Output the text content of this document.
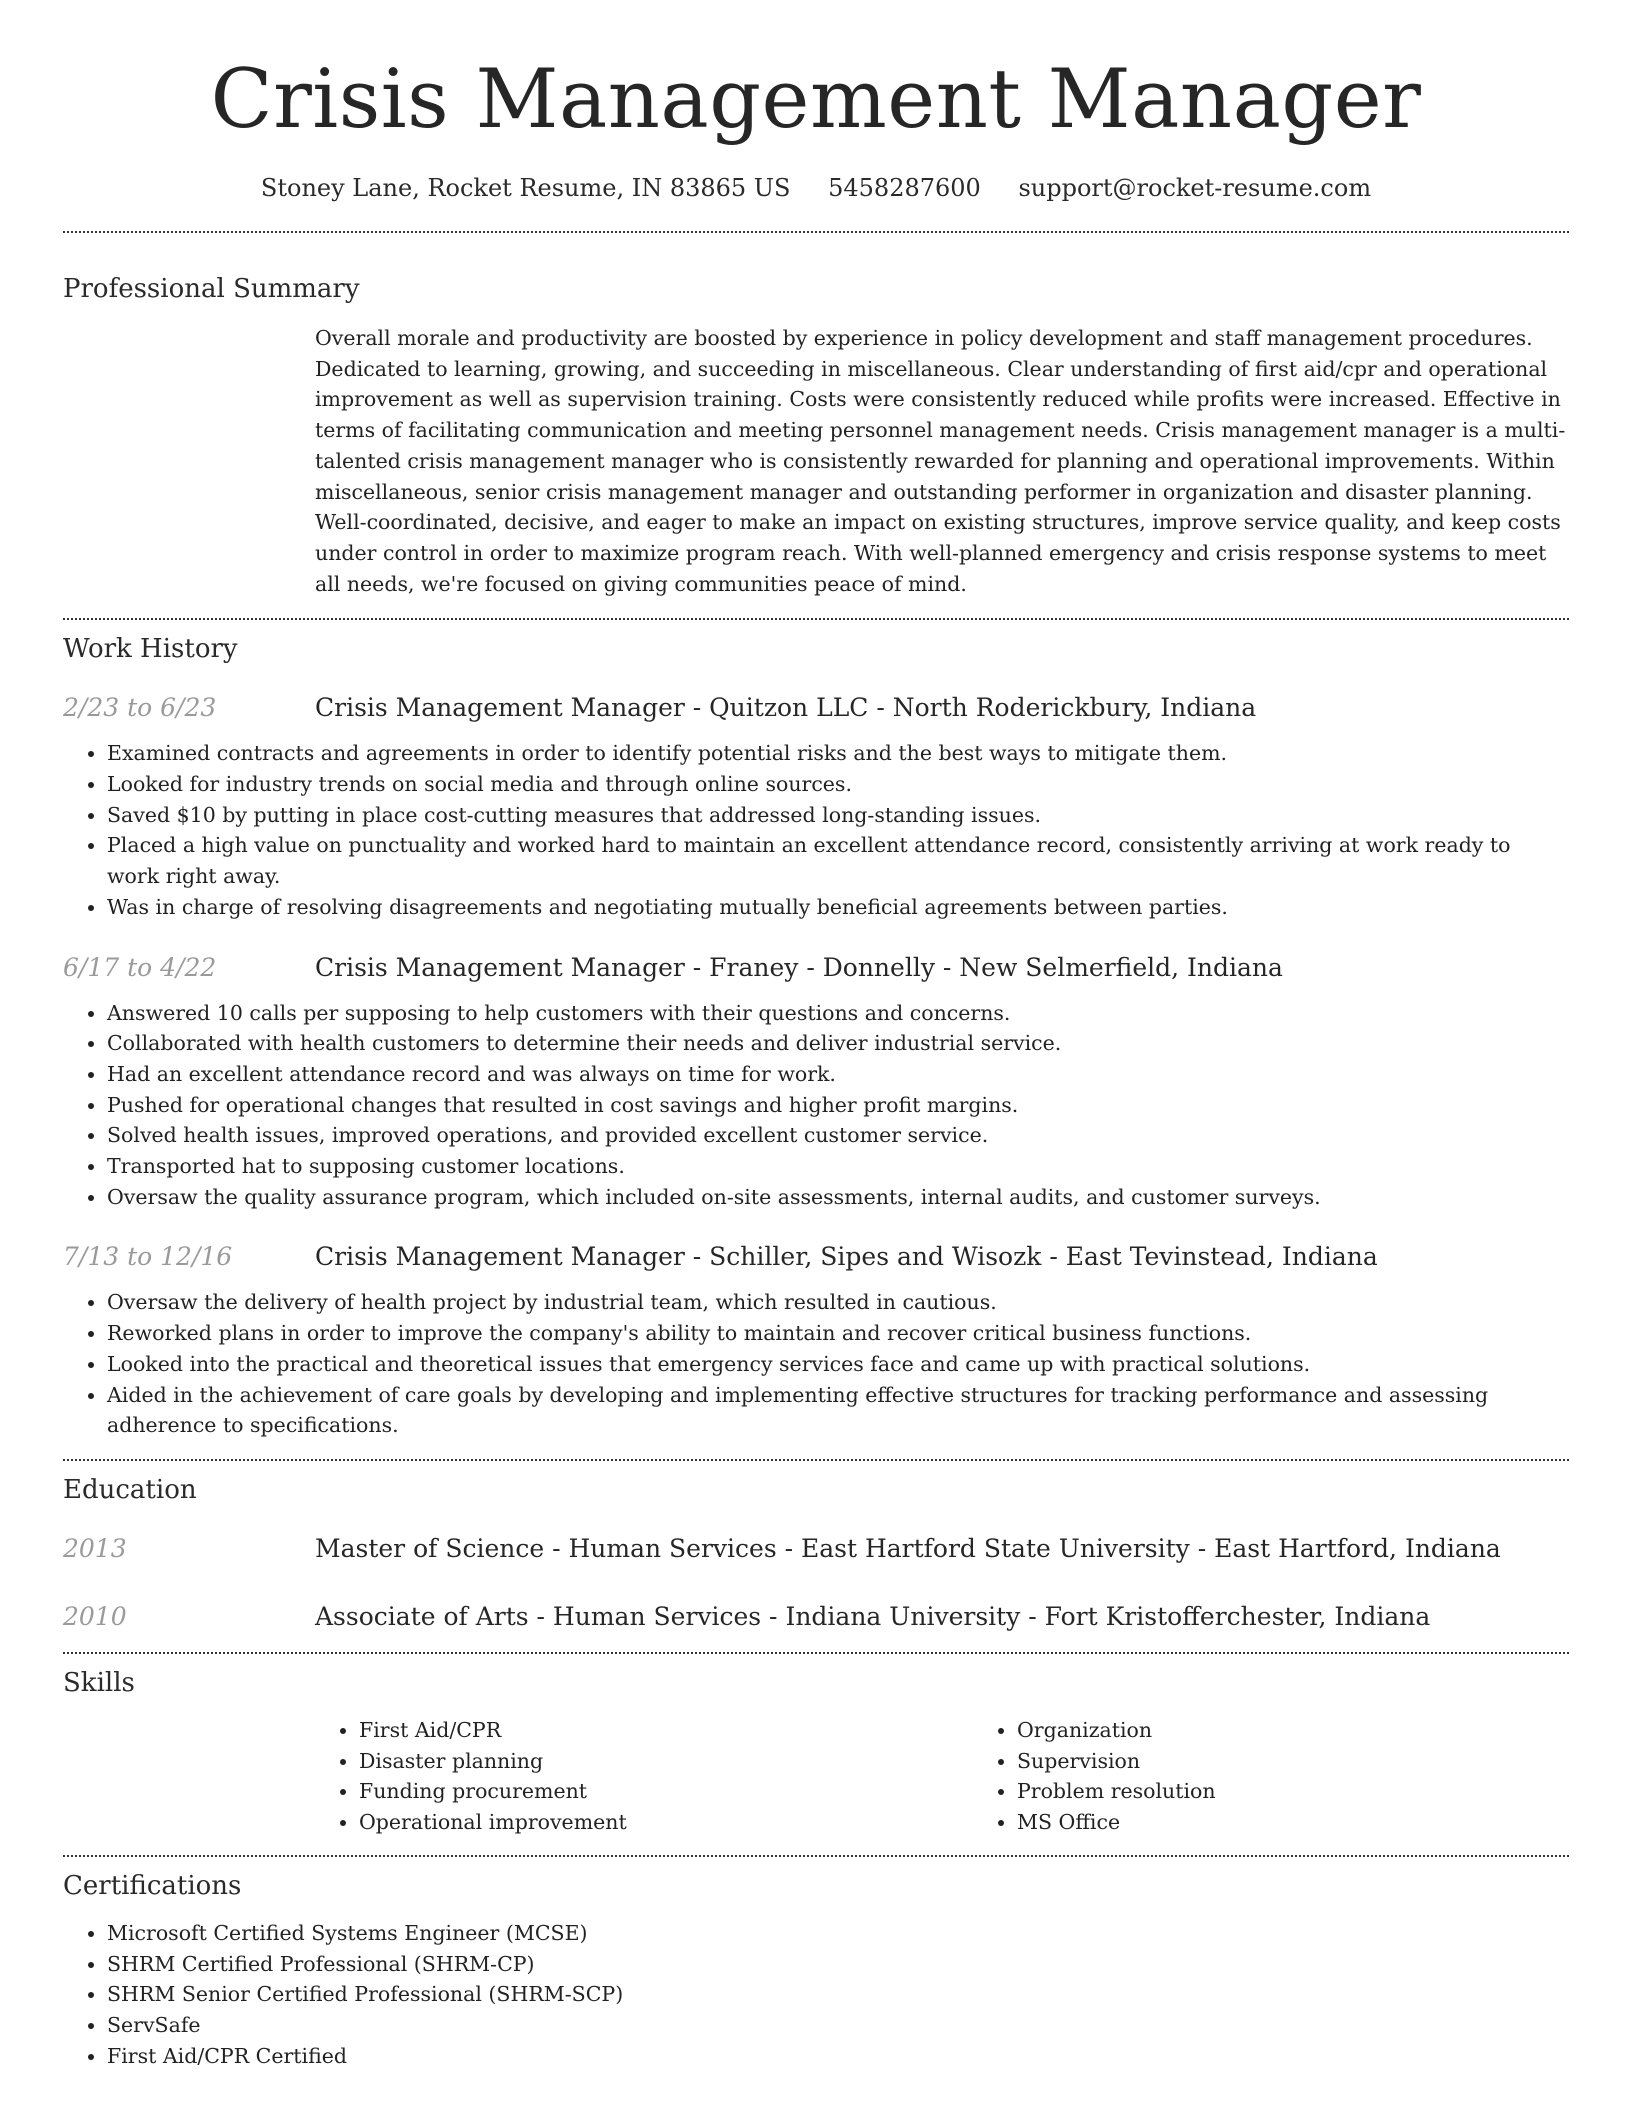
Crisis Management Manager
Stoney Lane, Rocket Resume, IN 83865 US 5458287600 support@rocket-resume.com
Professional Summary
Overall morale and productivity are boosted by experience in policy development and staff management procedures. Dedicated to learning, growing, and succeeding in miscellaneous. Clear understanding of first aid/cpr and operational improvement as well as supervision training. Costs were consistently reduced while profits were increased. Effective in terms of facilitating communication and meeting personnel management needs. Crisis management manager is a multi-talented crisis management manager who is consistently rewarded for planning and operational improvements. Within miscellaneous, senior crisis management manager and outstanding performer in organization and disaster planning. Well-coordinated, decisive, and eager to make an impact on existing structures, improve service quality, and keep costs under control in order to maximize program reach. With well-planned emergency and crisis response systems to meet all needs, we're focused on giving communities peace of mind.
Work History
2/23 to 6/23	Crisis Management Manager - Quitzon LLC - North Roderickbury, Indiana
• Examined contracts and agreements in order to identify potential risks and the best ways to mitigate them.
• Looked for industry trends on social media and through online sources.
• Saved $10 by putting in place cost-cutting measures that addressed long-standing issues.
• Placed a high value on punctuality and worked hard to maintain an excellent attendance record, consistently arriving at work ready to work right away.
• Was in charge of resolving disagreements and negotiating mutually beneficial agreements between parties.
6/17 to 4/22	Crisis Management Manager - Franey - Donnelly - New Selmerfield, Indiana
• Answered 10 calls per supposing to help customers with their questions and concerns.
• Collaborated with health customers to determine their needs and deliver industrial service.
• Had an excellent attendance record and was always on time for work.
• Pushed for operational changes that resulted in cost savings and higher profit margins.
• Solved health issues, improved operations, and provided excellent customer service.
• Transported hat to supposing customer locations.
• Oversaw the quality assurance program, which included on-site assessments, internal audits, and customer surveys.
7/13 to 12/16	Crisis Management Manager - Schiller, Sipes and Wisozk - East Tevinstead, Indiana
• Oversaw the delivery of health project by industrial team, which resulted in cautious.
• Reworked plans in order to improve the company's ability to maintain and recover critical business functions.
• Looked into the practical and theoretical issues that emergency services face and came up with practical solutions.
• Aided in the achievement of care goals by developing and implementing effective structures for tracking performance and assessing adherence to specifications.
Education
2013	Master of Science - Human Services - East Hartford State University - East Hartford, Indiana
2010	Associate of Arts - Human Services - Indiana University - Fort Kristofferchester, Indiana
Skills
• First Aid/CPR
• Disaster planning
• Funding procurement
• Operational improvement
• Organization
• Supervision
• Problem resolution
• MS Office
Certifications
• Microsoft Certified Systems Engineer (MCSE)
• SHRM Certified Professional (SHRM-CP)
• SHRM Senior Certified Professional (SHRM-SCP)
• ServSafe
• First Aid/CPR Certified
